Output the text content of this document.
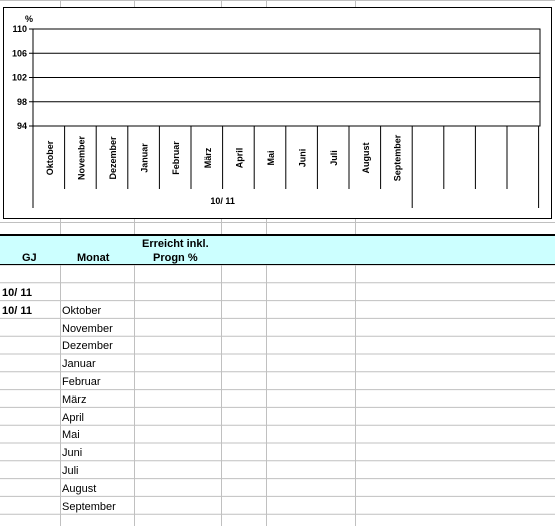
110
106
102
98
94
%
Oktober November Dezember Januar Februar März April Mai Juni Juli August September
10/ 11
GJ	Monat
Erreicht inkl.
Progn %
10/ 11
10/ 11	Oktober
November
Dezember
Januar
Februar
März
April
Mai
Juni
Juli
August
September
